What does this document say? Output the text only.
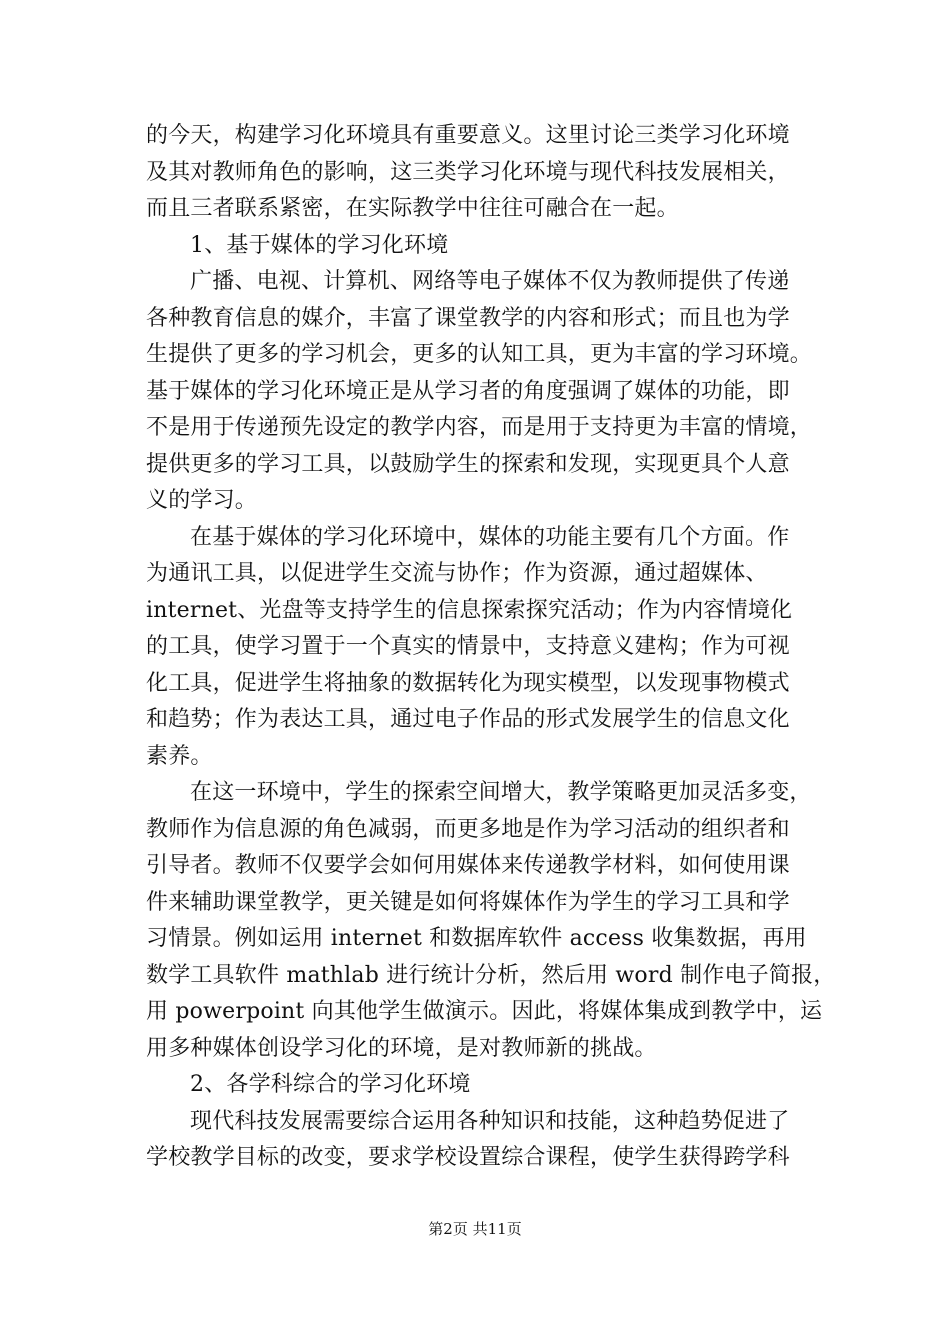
的今天，构建学习化环境具有重要意义。这里讨论三类学习化环境
及其对教师角色的影响，这三类学习化环境与现代科技发展相关，
而且三者联系紧密，在实际教学中往往可融合在一起。
1、基于媒体的学习化环境
广播、电视、计算机、网络等电子媒体不仅为教师提供了传递
各种教育信息的媒介，丰富了课堂教学的内容和形式；而且也为学
生提供了更多的学习机会，更多的认知工具，更为丰富的学习环境。
基于媒体的学习化环境正是从学习者的角度强调了媒体的功能，即
不是用于传递预先设定的教学内容，而是用于支持更为丰富的情境，
提供更多的学习工具，以鼓励学生的探索和发现，实现更具个人意
义的学习。
在基于媒体的学习化环境中，媒体的功能主要有几个方面。作
为通讯工具，以促进学生交流与协作；作为资源，通过超媒体、
internet、光盘等支持学生的信息探索探究活动；作为内容情境化
的工具，使学习置于一个真实的情景中，支持意义建构；作为可视
化工具，促进学生将抽象的数据转化为现实模型，以发现事物模式
和趋势；作为表达工具，通过电子作品的形式发展学生的信息文化
素养。
在这一环境中，学生的探索空间增大，教学策略更加灵活多变，
教师作为信息源的角色减弱，而更多地是作为学习活动的组织者和
引导者。教师不仅要学会如何用媒体来传递教学材料，如何使用课
件来辅助课堂教学，更关键是如何将媒体作为学生的学习工具和学
习情景。例如运用 internet 和数据库软件 access 收集数据，再用
数学工具软件 mathlab 进行统计分析，然后用 word 制作电子简报，
用 powerpoint 向其他学生做演示。因此，将媒体集成到教学中，运
用多种媒体创设学习化的环境，是对教师新的挑战。
2、各学科综合的学习化环境
现代科技发展需要综合运用各种知识和技能，这种趋势促进了
学校教学目标的改变，要求学校设置综合课程，使学生获得跨学科
第2页 共11页
